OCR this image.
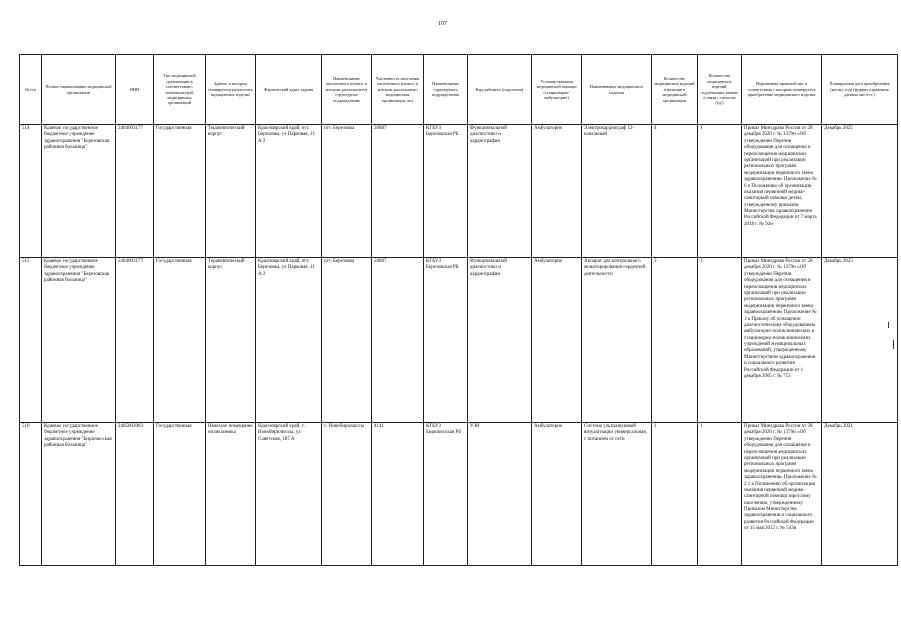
107
№ п/п	Полное наименование медицинской организации	ИНН	Тип медицинской организации в соответствии с номенклатурой медицинских организаций	Здание, в котором планируется разместить медицинское изделие	Фактический адрес здания	Наименование населенного пункта, в котором располагается структурное подразделение	Численность населения населенного пункта, в котором расположено медицинская организация, чел	Наименование структурного подразделения	Вид кабинета (отделения)	Условия оказания медицинской помощи (стационарно/амбулаторно)	Наименование медицинского изделия	Количество медицинских изделий в наличии в медицинской организации	Количество медицинских изделий, подлежащих замене в связи с износом (ед.)	Нормативно-правовой акт, в соответствии с которым планируется приобретение медицинского изделия	Планируемая дата приобретения (месяц, год) (формат отражения данных мм гггг.)
514	Краевое государственное бюджетное учреждение здравоохранения "Березовская районная больница"	2404003177	Государственная	Терапевтический корпус	Красноярский край, пгт. Березовка, ул Парковая, 11 А 2	пгт. Березовка	20887	КГБУЗ Березовская РБ	Функциональной диагностики и кардиографии	Амбулаторно	Электрокардиограф 12-канальный	4	1	Приказ Минздрава России от 28 декабря 2020 г. № 1379н «Об утверждении Перечня оборудования для оснащения и переоснащения медицинских организаций при реализации региональных программ модернизации первичного звена здравоохранения» Приложение № 6 к Положению об организации оказания первичной медико-санитарной помощи детям, утвержденному приказом Министерства здравоохранения Российской Федерации от 7 марта 2018 г. № 92н	Декабрь 2025
515	Краевое государственное бюджетное учреждение здравоохранения "Березовская районная больница"	2404003177	Государственная	Терапевтический корпус	Красноярский край, пгт. Березовка, ул Парковая, 11 А 2	пгт. Березовка	20887	КГБУЗ Березовская РБ	Функциональной диагностики и кардиографии	Амбулаторно	Аппарат для контрольного мониторирования сердечной деятельности	3	1	Приказ Минздрава России от 28 декабря 2020 г. № 1379н «Об утверждении Перечня оборудования для оснащения и переоснащения медицинских организаций при реализации региональных программ модернизации первичного звена здравоохранения» Приложение № 1 к Приказу об оснащении диагностическим оборудованием амбулаторно-поликлинических и стационарно-поликлинических учреждений муниципальных образований, утвержденному Министерством здравоохранения и социального развития Российской Федерации от 1 декабря 2005 г. № 753	Декабрь 2025
516	Краевое государственное бюджетное учреждение здравоохранения "Бирилюсская районная больница"	2405002063	Государственная	Нежилое помещение поликлиника	Красноярский край, с. Новобирилюссы, ул Советская, 187 А	с. Новобирилюссы	4141	КГБУЗ Бирилюсская РБ	УЗИ	Амбулаторно	Система ультразвуковой визуализации универсальная, с питанием от сети	1	1	Приказ Минздрава России от 28 декабря 2020 г. № 1379н «Об утверждении Перечня оборудования для оснащения и переоснащения медицинских организаций при реализации региональных программ модернизации первичного звена здравоохранения» Приложение № 2 1 к Положению об организации оказания первичной медико-санитарной помощи взрослому населению, утвержденному Приказом Министерства здравоохранения и социального развития Российской Федерации от 15 мая 2012 г. № 543н	Декабрь 2021
